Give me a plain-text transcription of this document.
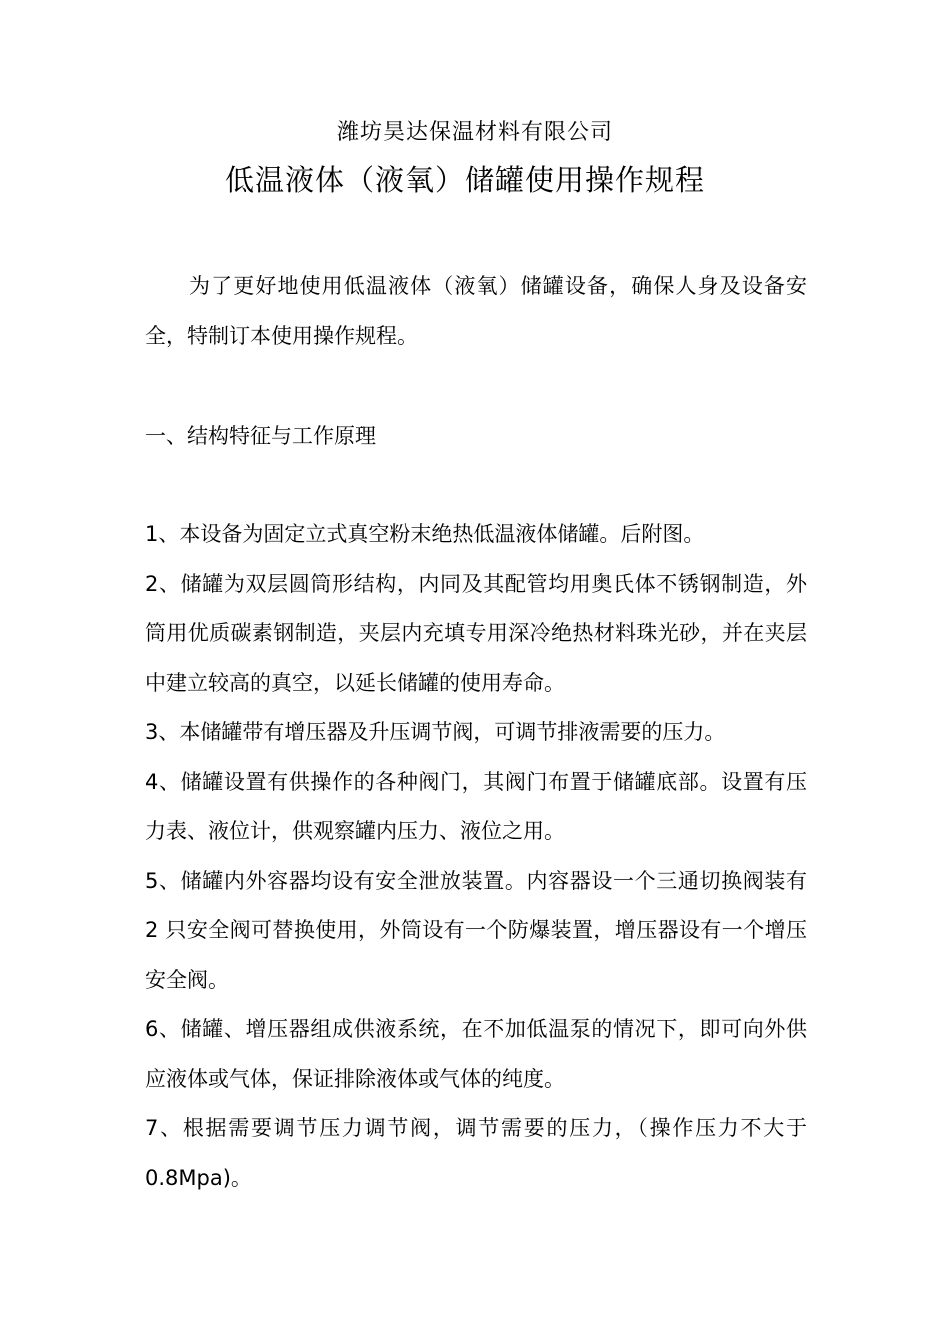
潍坊昊达保温材料有限公司
低温液体（液氧）储罐使用操作规程

为了更好地使用低温液体（液氧）储罐设备，确保人身及设备安全，特制订本使用操作规程。

一、结构特征与工作原理

1、本设备为固定立式真空粉末绝热低温液体储罐。后附图。

2、储罐为双层圆筒形结构，内同及其配管均用奥氏体不锈钢制造，外筒用优质碳素钢制造，夹层内充填专用深冷绝热材料珠光砂，并在夹层中建立较高的真空，以延长储罐的使用寿命。

3、本储罐带有增压器及升压调节阀，可调节排液需要的压力。

4、储罐设置有供操作的各种阀门，其阀门布置于储罐底部。设置有压力表、液位计，供观察罐内压力、液位之用。

5、储罐内外容器均设有安全泄放装置。内容器设一个三通切换阀装有 2 只安全阀可替换使用，外筒设有一个防爆装置，增压器设有一个增压安全阀。

6、储罐、增压器组成供液系统，在不加低温泵的情况下，即可向外供应液体或气体，保证排除液体或气体的纯度。

7、根据需要调节压力调节阀，调节需要的压力，（操作压力不大于 0.8Mpa)。
